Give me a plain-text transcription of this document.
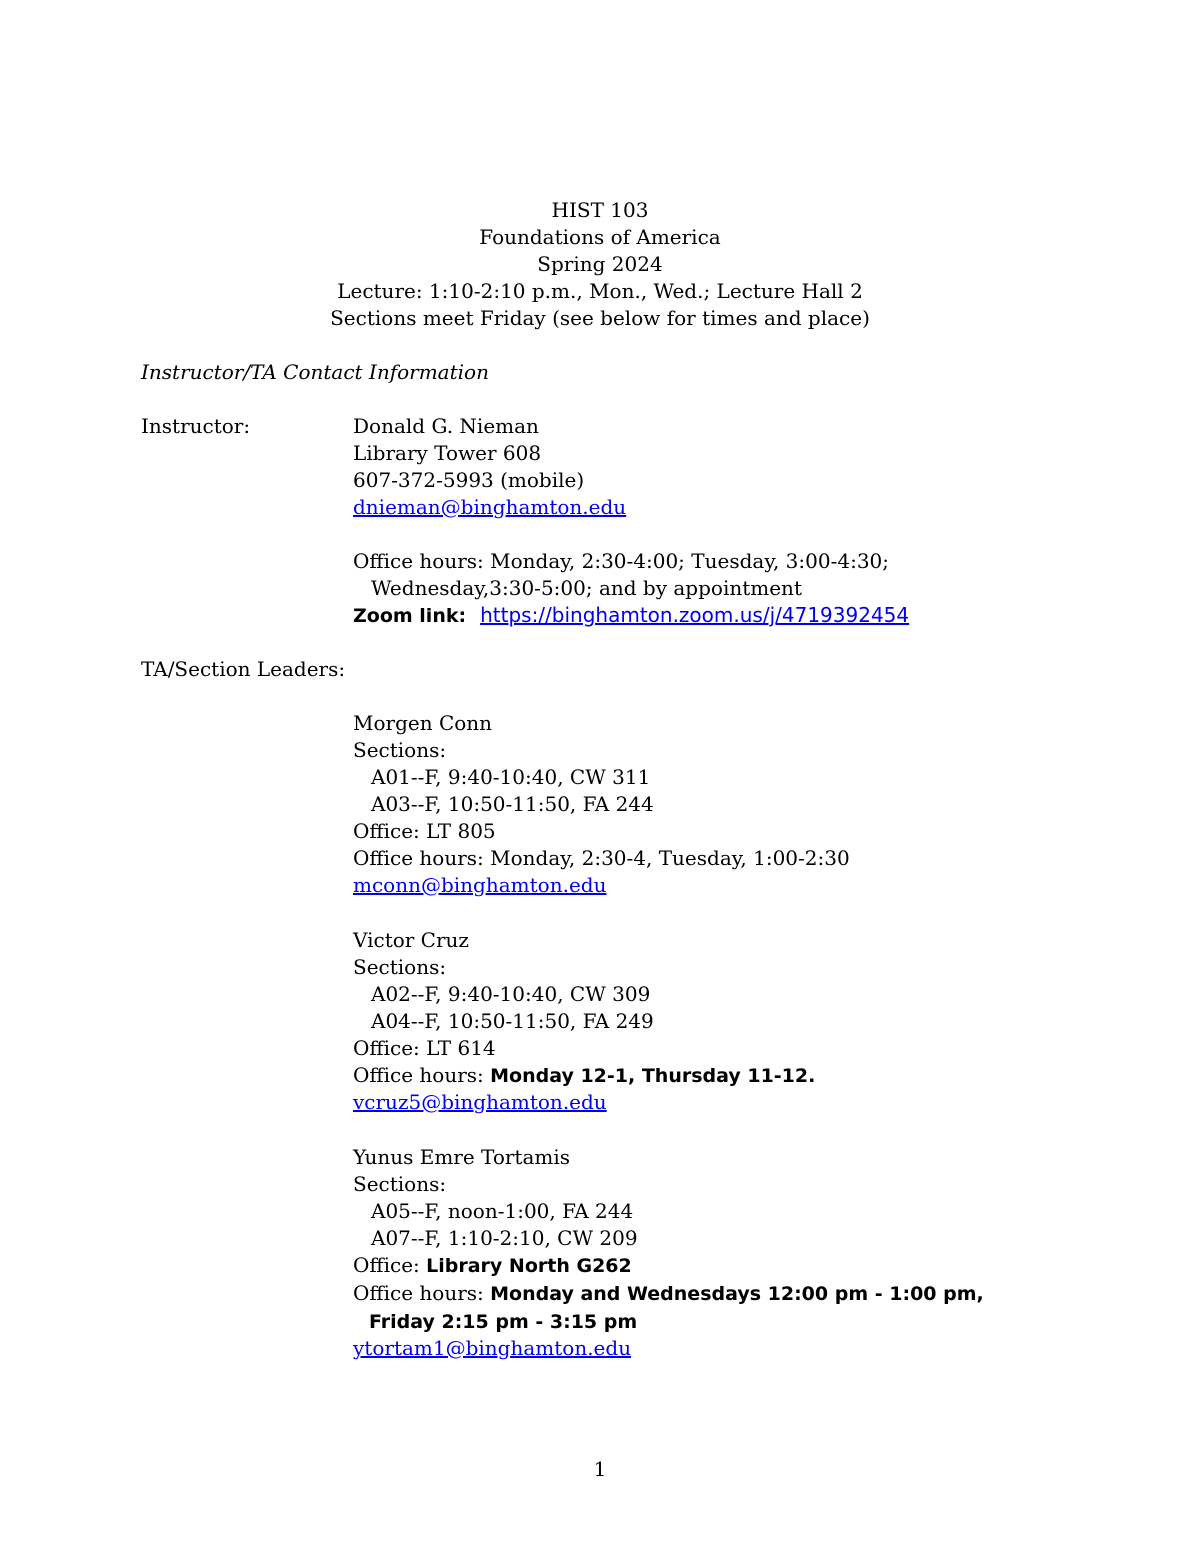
HIST 103
Foundations of America
Spring 2024
Lecture: 1:10-2:10 p.m., Mon., Wed.; Lecture Hall 2
Sections meet Friday (see below for times and place)
Instructor/TA Contact Information
Instructor:	Donald G. Nieman
Library Tower 608
607-372-5993 (mobile)
dnieman@binghamton.edu
Office hours: Monday, 2:30-4:00; Tuesday, 3:00-4:30;
Wednesday,3:30-5:00; and by appointment
Zoom link: https://binghamton.zoom.us/j/4719392454
TA/Section Leaders:
Morgen Conn
Sections:
A01--F, 9:40-10:40, CW 311
A03--F, 10:50-11:50, FA 244
Office: LT 805
Office hours: Monday, 2:30-4, Tuesday, 1:00-2:30
mconn@binghamton.edu
Victor Cruz
Sections:
A02--F, 9:40-10:40, CW 309
A04--F, 10:50-11:50, FA 249
Office: LT 614
Office hours: Monday 12-1, Thursday 11-12.
vcruz5@binghamton.edu
Yunus Emre Tortamis
Sections:
A05--F, noon-1:00, FA 244
A07--F, 1:10-2:10, CW 209
Office: Library North G262
Office hours: Monday and Wednesdays 12:00 pm - 1:00 pm,
Friday 2:15 pm - 3:15 pm
ytortam1@binghamton.edu
1
